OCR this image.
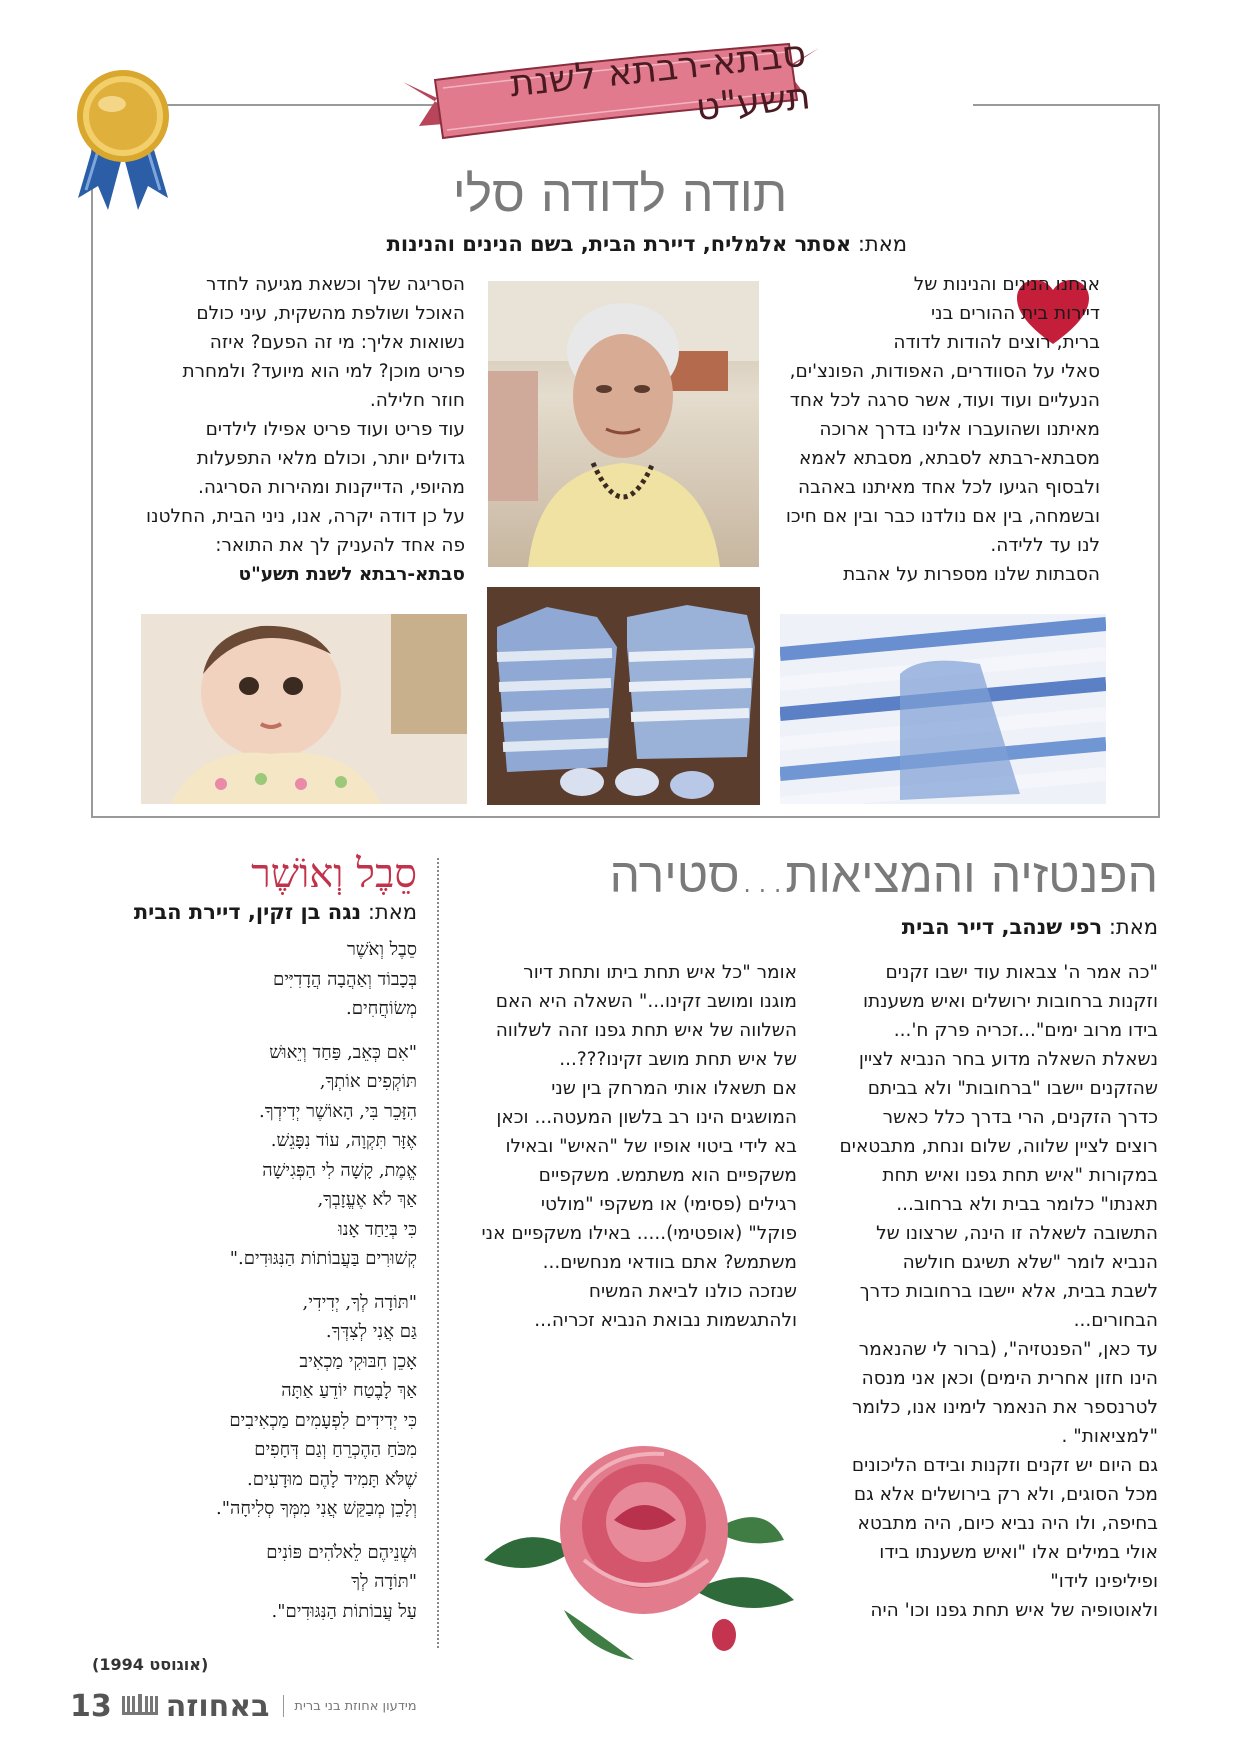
סבתא-רבתא לשנת תשע"ט
תודה לדודה סלי
מאת: אסתר אלמליח, דיירת הבית, בשם הנינים והנינות
אנחנו הנינים והנינות של
דיירות בית ההורים בני
ברית, רוצים להודות לדודה
סאלי על הסוודרים, האפודות, הפונצ'ים,
הנעליים ועוד ועוד, אשר סרגה לכל אחד
מאיתנו ושהועברו אלינו בדרך ארוכה
מסבתא-רבתא לסבתא, מסבתא לאמא
ולבסוף הגיעו לכל אחד מאיתנו באהבה
ובשמחה, בין אם נולדנו כבר ובין אם חיכו
לנו עד ללידה.
הסבתות שלנו מספרות על אהבת
הסריגה שלך וכשאת מגיעה לחדר
האוכל ושולפת מהשקית, עיני כולם
נשואות אליך: מי זה הפעם? איזה
פריט מוכן? למי הוא מיועד? ולמחרת
חוזר חלילה.
עוד פריט ועוד פריט אפילו לילדים
גדולים יותר, וכולם מלאי התפעלות
מהיופי, הדייקנות ומהירות הסריגה.
על כן דודה יקרה, אנו, ניני הבית, החלטנו
פה אחד להעניק לך את התואר:
סבתא-רבתא לשנת תשע"ט
הפנטזיה והמציאות...סטירה
מאת: רפי שנהב, דייר הבית
"כה אמר ה' צבאות עוד ישבו זקנים
וזקנות ברחובות ירושלים ואיש משענתו
בידו מרוב ימים"...זכריה פרק ח'...
נשאלת השאלה מדוע בחר הנביא לציין
שהזקנים יישבו "ברחובות" ולא בביתם
כדרך הזקנים, הרי בדרך כלל כאשר
רוצים לציין שלווה, שלום ונחת, מתבטאים
במקורות "איש תחת גפנו ואיש תחת
תאנתו" כלומר בבית ולא ברחוב...
התשובה לשאלה זו הינה, שרצונו של
הנביא לומר "שלא תשיגם חולשה
לשבת בבית, אלא יישבו ברחובות כדרך
הבחורים...
עד כאן, "הפנטזיה", (ברור לי שהנאמר
הינו חזון אחרית הימים) וכאן אני מנסה
לטרנספר את הנאמר לימינו אנו, כלומר
"למציאות" .
גם היום יש זקנים וזקנות ובידם הליכונים
מכל הסוגים, ולא רק בירושלים אלא גם
בחיפה, ולו היה נביא כיום, היה מתבטא
אולי במילים אלו "ואיש משענתו בידו
ופיליפינו לידו"
ולאוטופיה של איש תחת גפנו וכו' היה
אומר "כל איש תחת ביתו ותחת דיור
מוגנו ומושב זקינו..." השאלה היא האם
השלווה של איש תחת גפנו זהה לשלווה
של איש תחת מושב זקינו???...
אם תשאלו אותי המרחק בין שני
המושגים הינו רב בלשון המעטה... וכאן
בא לידי ביטוי אופיו של "האיש" ובאילו
משקפיים הוא משתמש. משקפיים
רגילים (פסימי) או משקפי "מולטי
פוקל" (אופטימי)..... באילו משקפיים אני
משתמש? אתם בוודאי מנחשים...
שנזכה כולנו לביאת המשיח
ולהתגשמות נבואת הנביא זכריה...
סֵבֶל וְאוֹשֶׁר
מאת: נגה בן זקין, דיירת הבית
סֵבֶל וְאֹשֶׁר
בְּכָבוֹד וְאַהֲבָה הֲדָדִיִּים
מְשׂוֹחֲחִים.
"אִם כְּאֵב, פַּחַד וְיֵאוּשׁ
תּוֹקְפִים אוֹתְךָ,
הִזָּכֵר בִּי, הָאוֹשֶׁר יְדִידְךָ.
אֶזָּר תִּקְוָה, עוֹד נִפָּגֵשׁ.
אֱמֶת, קָשָׁה לִי הַפְּגִישָׁה
אַךְ לֹא אֶעֱזָבְךָ,
כִּי בְּיַחַד אָנוּ
קְשׁוּרִים בַּעֲבוֹתוֹת הַנִּגּוּדִים."
"תּוֹדָה לְךָ, יְדִידִי,
גַּם אֲנִי לְצִדְּךָ.
אָכֵן חִבּוּקִי מַכְאִיב
אַךְ לָבֶטַח יוֹדֵעַ אַתָּה
כִּי יְדִידִים לִפְעָמִים מַכְאִיבִים
מִכֹּחַ הַהֶכְרֵחַ וְגַם דְּחָפִים
שֶׁלֹּא תָּמִיד לָהֶם מוּדָעִים.
וְלָכֵן מְבַקֵּשׁ אֲנִי מִמְּךָ סְלִיחָה".
וּשְׁנֵיהֶם לֵאלֹהִים פּוֹנִים
"תּוֹדָה לְךָ
עַל עֲבוֹתוֹת הַנִּגּוּדִים".
(אוגוסט 1994)
13 באחוזה מידעון אחוזת בני ברית
